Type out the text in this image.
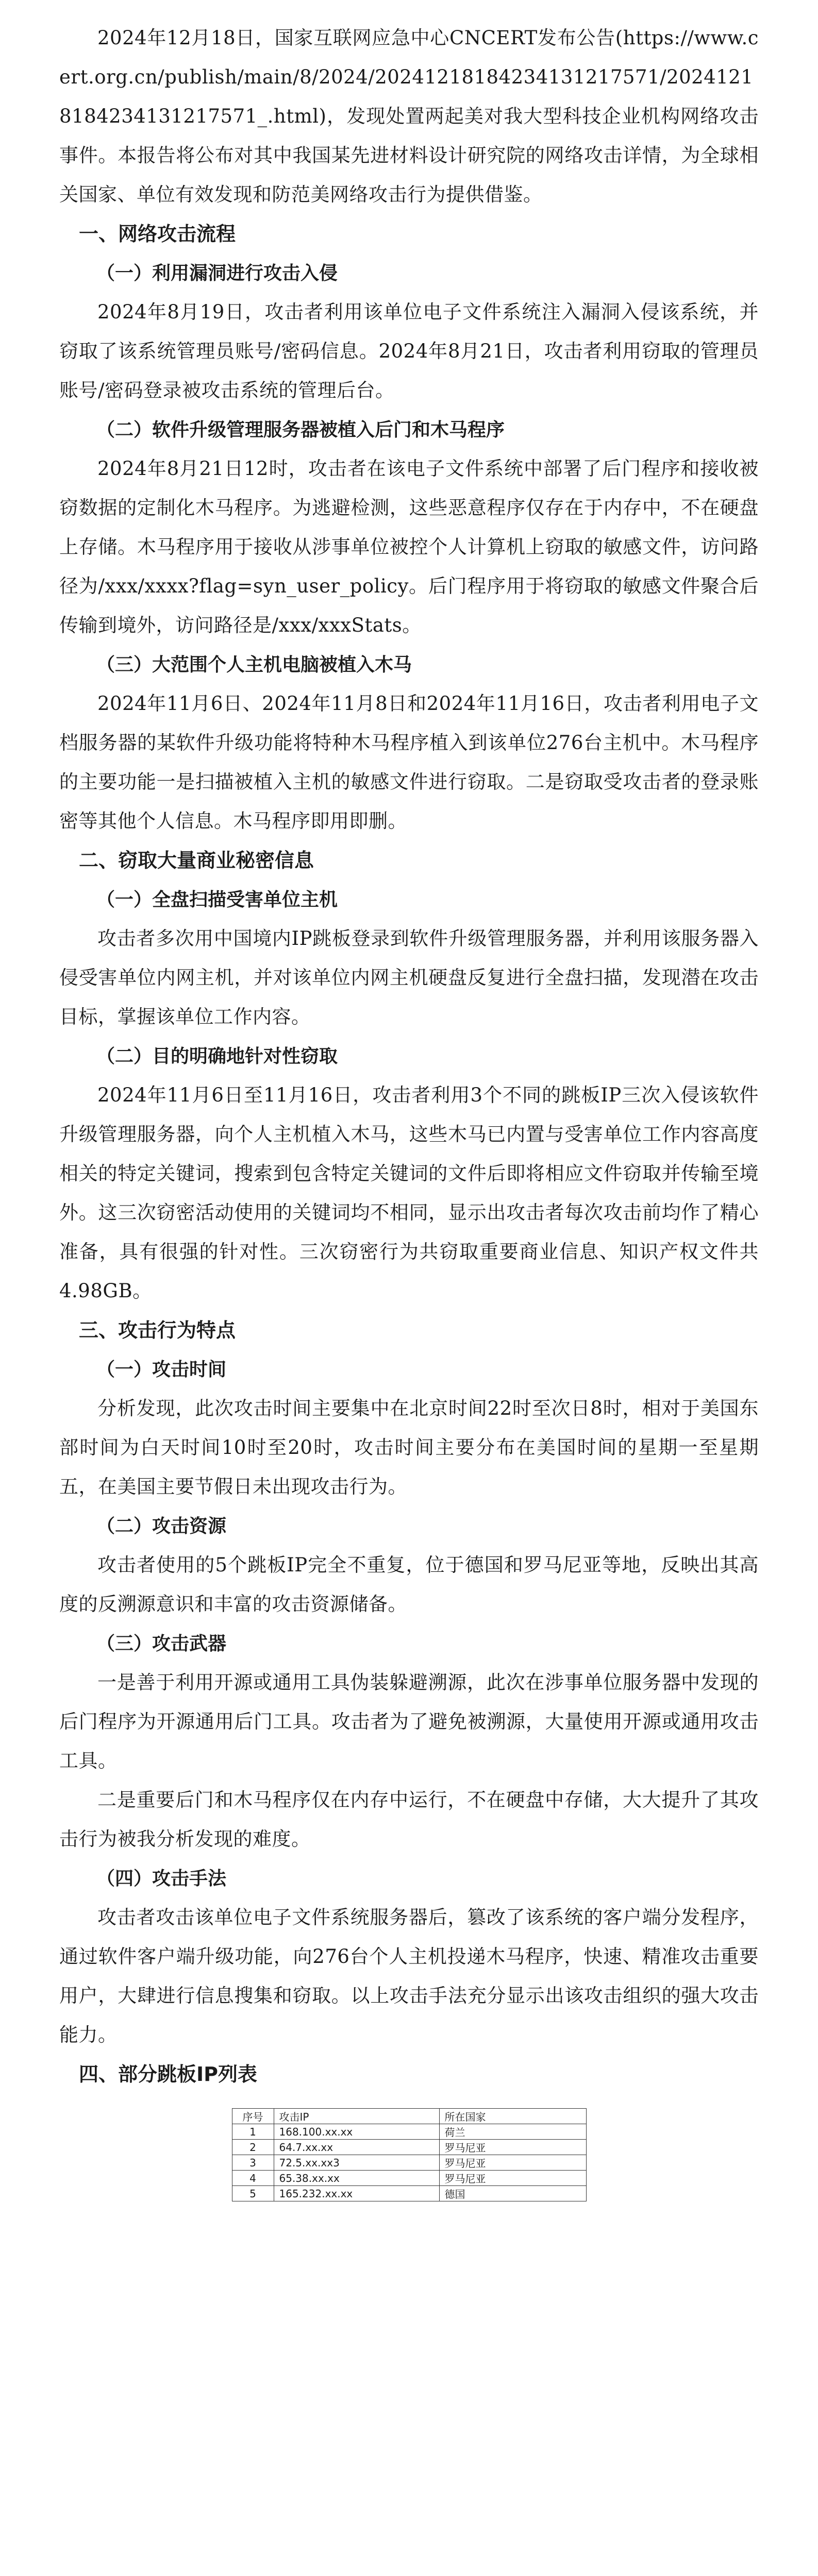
2024年12月18日，国家互联网应急中心CNCERT发布公告(https://www.cert.org.cn/publish/main/8/2024/20241218184234131217571/20241218184234131217571_.html)，发现处置两起美对我大型科技企业机构网络攻击事件。本报告将公布对其中我国某先进材料设计研究院的网络攻击详情，为全球相关国家、单位有效发现和防范美网络攻击行为提供借鉴。

一、网络攻击流程
（一）利用漏洞进行攻击入侵

2024年8月19日，攻击者利用该单位电子文件系统注入漏洞入侵该系统，并窃取了该系统管理员账号/密码信息。2024年8月21日，攻击者利用窃取的管理员账号/密码登录被攻击系统的管理后台。

（二）软件升级管理服务器被植入后门和木马程序

2024年8月21日12时，攻击者在该电子文件系统中部署了后门程序和接收被窃数据的定制化木马程序。为逃避检测，这些恶意程序仅存在于内存中，不在硬盘上存储。木马程序用于接收从涉事单位被控个人计算机上窃取的敏感文件，访问路径为/xxx/xxxx?flag=syn_user_policy。后门程序用于将窃取的敏感文件聚合后传输到境外，访问路径是/xxx/xxxStats。

（三）大范围个人主机电脑被植入木马

2024年11月6日、2024年11月8日和2024年11月16日，攻击者利用电子文档服务器的某软件升级功能将特种木马程序植入到该单位276台主机中。木马程序的主要功能一是扫描被植入主机的敏感文件进行窃取。二是窃取受攻击者的登录账密等其他个人信息。木马程序即用即删。

二、窃取大量商业秘密信息
（一）全盘扫描受害单位主机

攻击者多次用中国境内IP跳板登录到软件升级管理服务器，并利用该服务器入侵受害单位内网主机，并对该单位内网主机硬盘反复进行全盘扫描，发现潜在攻击目标，掌握该单位工作内容。

（二）目的明确地针对性窃取

2024年11月6日至11月16日，攻击者利用3个不同的跳板IP三次入侵该软件升级管理服务器，向个人主机植入木马，这些木马已内置与受害单位工作内容高度相关的特定关键词，搜索到包含特定关键词的文件后即将相应文件窃取并传输至境外。这三次窃密活动使用的关键词均不相同，显示出攻击者每次攻击前均作了精心准备，具有很强的针对性。三次窃密行为共窃取重要商业信息、知识产权文件共4.98GB。

三、攻击行为特点
（一）攻击时间

分析发现，此次攻击时间主要集中在北京时间22时至次日8时，相对于美国东部时间为白天时间10时至20时，攻击时间主要分布在美国时间的星期一至星期五，在美国主要节假日未出现攻击行为。

（二）攻击资源

攻击者使用的5个跳板IP完全不重复，位于德国和罗马尼亚等地，反映出其高度的反溯源意识和丰富的攻击资源储备。

（三）攻击武器

一是善于利用开源或通用工具伪装躲避溯源，此次在涉事单位服务器中发现的后门程序为开源通用后门工具。攻击者为了避免被溯源，大量使用开源或通用攻击工具。

二是重要后门和木马程序仅在内存中运行，不在硬盘中存储，大大提升了其攻击行为被我分析发现的难度。

（四）攻击手法

攻击者攻击该单位电子文件系统服务器后，篡改了该系统的客户端分发程序，通过软件客户端升级功能，向276台个人主机投递木马程序，快速、精准攻击重要用户，大肆进行信息搜集和窃取。以上攻击手法充分显示出该攻击组织的强大攻击能力。

四、部分跳板IP列表
序号	攻击IP	所在国家
1	168.100.xx.xx	荷兰
2	64.7.xx.xx	罗马尼亚
3	72.5.xx.xx3	罗马尼亚
4	65.38.xx.xx	罗马尼亚
5	165.232.xx.xx	德国
